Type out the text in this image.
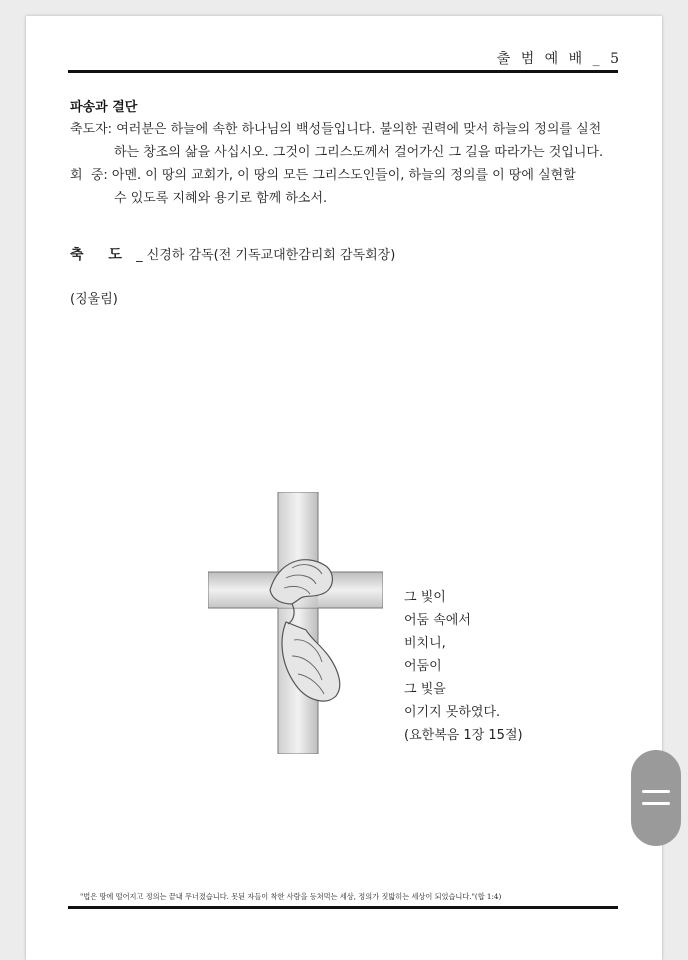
출 범 예 배 _ 5
파송과 결단
축도자: 여러분은 하늘에 속한 하나님의 백성들입니다. 불의한 권력에 맞서 하늘의 정의를 실천
하는 창조의 삶을 사십시오. 그것이 그리스도께서 걸어가신 그 길을 따라가는 것입니다.
회  중: 아멘. 이 땅의 교회가, 이 땅의 모든 그리스도인들이, 하늘의 정의를 이 땅에 실현할
수 있도록 지혜와 용기로 함께 하소서.
축 도 _ 신경하 감독(전 기독교대한감리회 감독회장)
(징울림)
그 빛이
어둠 속에서
비치니,
어둠이
그 빛을
이기지 못하였다.
(요한복음 1장 15절)
"법은 땅에 떨어지고 정의는 끝내 무너졌습니다. 못된 자들이 착한 사람을 등쳐먹는 세상, 정의가 짓밟히는 세상이 되었습니다."(합 1:4)
